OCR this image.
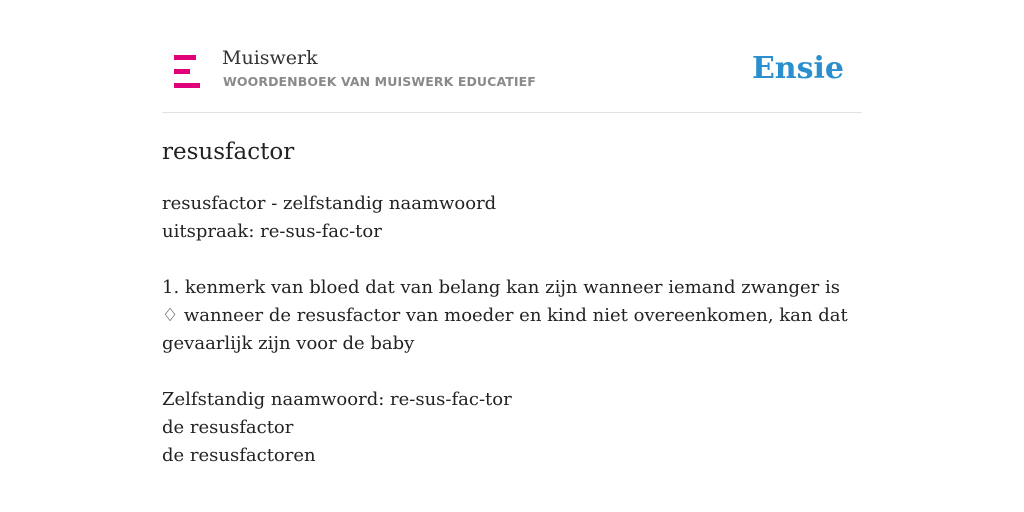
Muiswerk
WOORDENBOEK VAN MUISWERK EDUCATIEF	Ensie
resusfactor
resusfactor - zelfstandig naamwoord
uitspraak: re-sus-fac-tor
1. kenmerk van bloed dat van belang kan zijn wanneer iemand zwanger is
♢ wanneer de resusfactor van moeder en kind niet overeenkomen, kan dat gevaarlijk zijn voor de baby
Zelfstandig naamwoord: re-sus-fac-tor
de resusfactor
de resusfactoren
